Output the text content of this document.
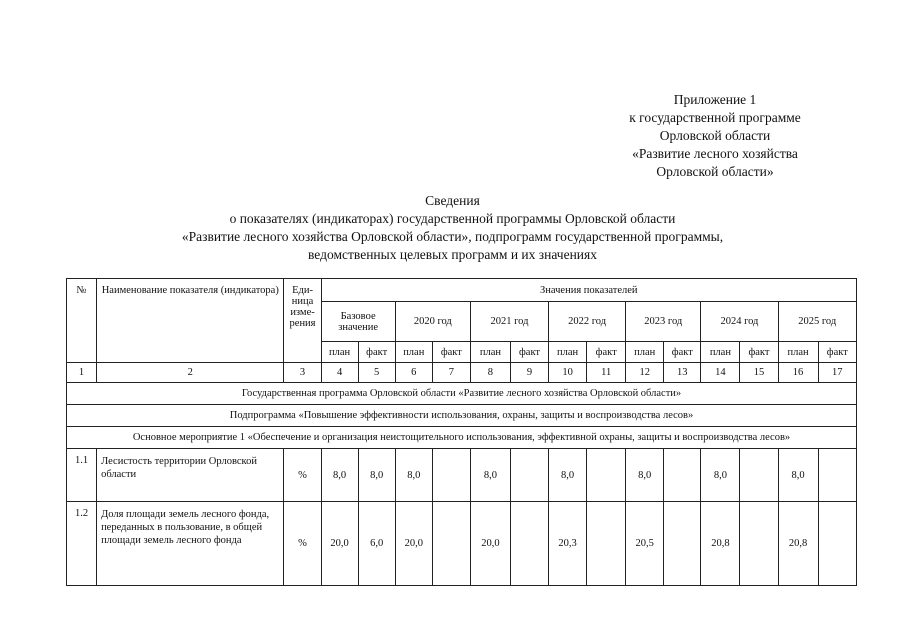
Приложение 1
к государственной программе
Орловской области
«Развитие лесного хозяйства
Орловской области»
Сведения
о показателях (индикаторах) государственной программы Орловской области
«Развитие лесного хозяйства Орловской области», подпрограмм государственной программы,
ведомственных целевых программ и их значениях
№	Наименование показателя (индикатора)	Еди-ница изме-рения	Значения показателей													
			Базовое значение		2020 год		2021 год		2022 год		2023 год		2024 год		2025 год	
			план	факт	план	факт	план	факт	план	факт	план	факт	план	факт	план	факт
1	2	3	4	5	6	7	8	9	10	11	12	13	14	15	16	17
Государственная программа Орловской области «Развитие лесного хозяйства Орловской области»																
Подпрограмма «Повышение эффективности использования, охраны, защиты и воспроизводства лесов»																
Основное мероприятие 1 «Обеспечение и организация неистощительного использования, эффективной охраны, защиты и воспроизводства лесов»																
1.1	Лесистость территории Орловской области	%	8,0	8,0	8,0		8,0		8,0		8,0		8,0		8,0	
1.2	Доля площади земель лесного фонда, переданных в пользование, в общей площади земель лесного фонда	%	20,0	6,0	20,0		20,0		20,3		20,5		20,8		20,8	
